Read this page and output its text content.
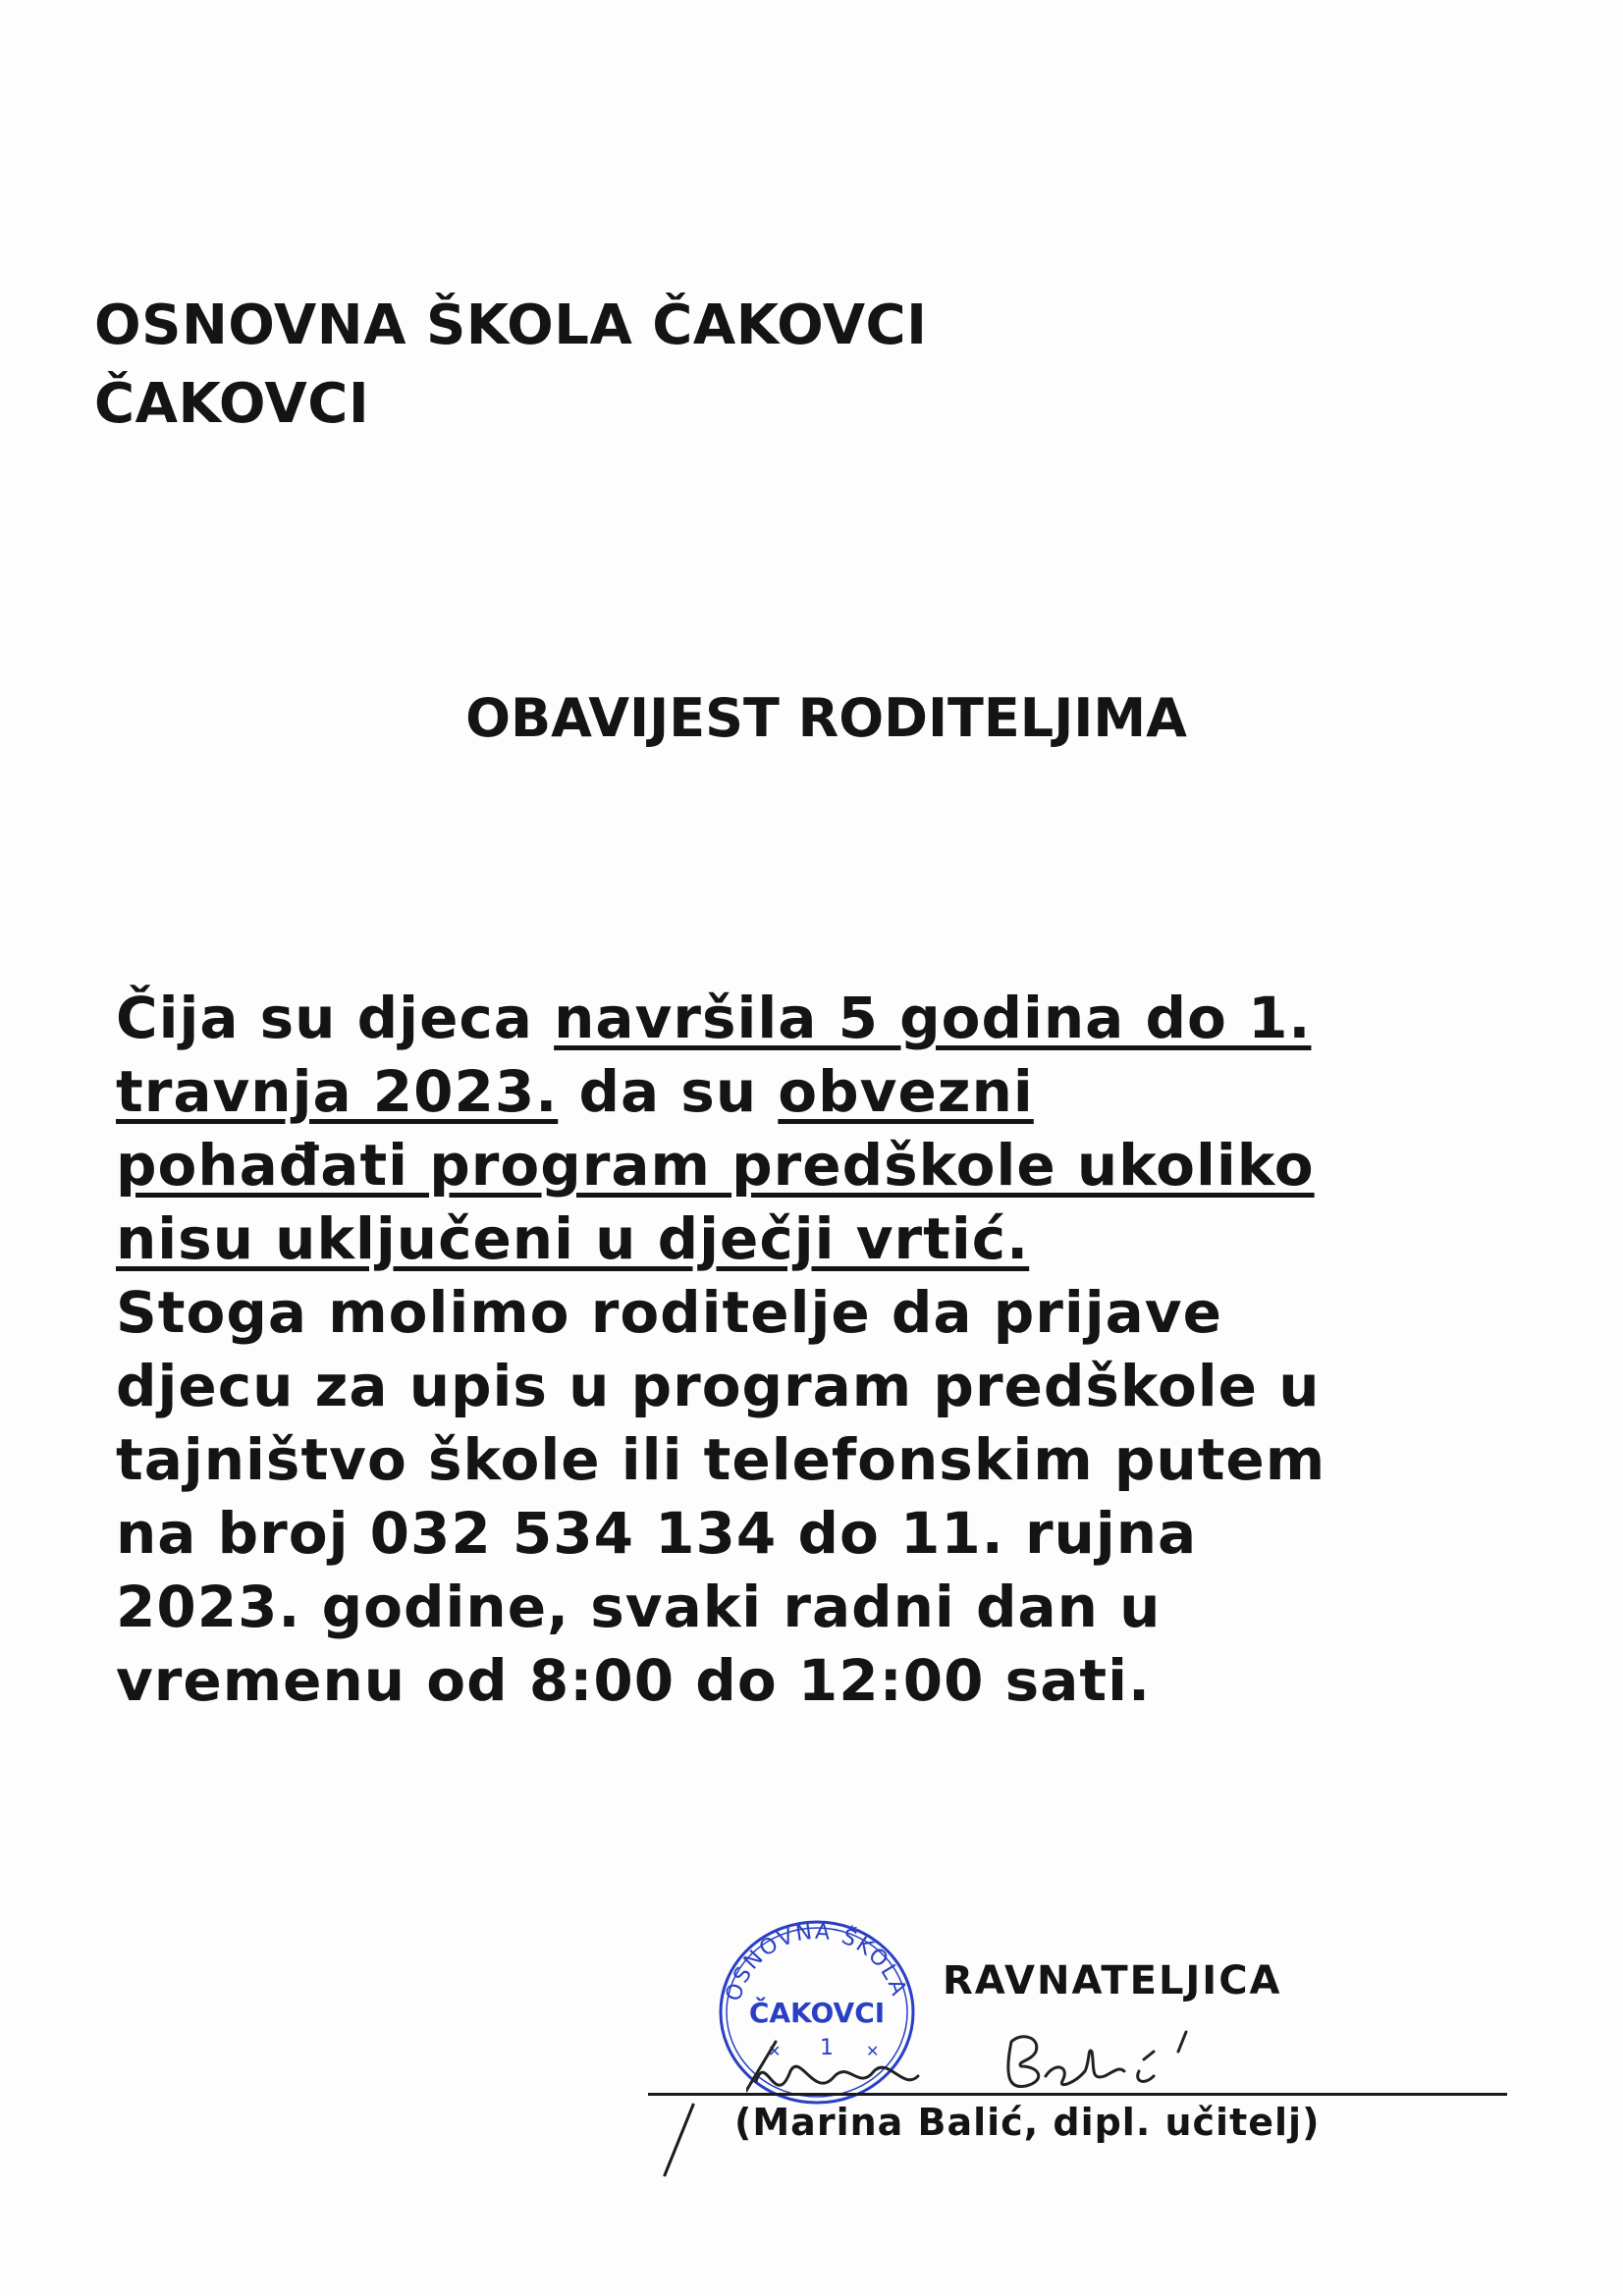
OSNOVNA ŠKOLA ČAKOVCI
ČAKOVCI
OBAVIJEST RODITELJIMA
Čija su djeca navršila 5 godina do 1.
travnja 2023. da su obvezni
pohađati program predškole ukoliko
nisu uključeni u dječji vrtić.
Stoga molimo roditelje da prijave
djecu za upis u program predškole u
tajništvo škole ili telefonskim putem
na broj 032 534 134 do 11. rujna
2023. godine, svaki radni dan u
vremenu od 8:00 do 12:00 sati.
OSNOVNA ŠKOLA
ČAKOVCI
1
✕	✕
RAVNATELJICA
(Marina Balić, dipl. učitelj)
